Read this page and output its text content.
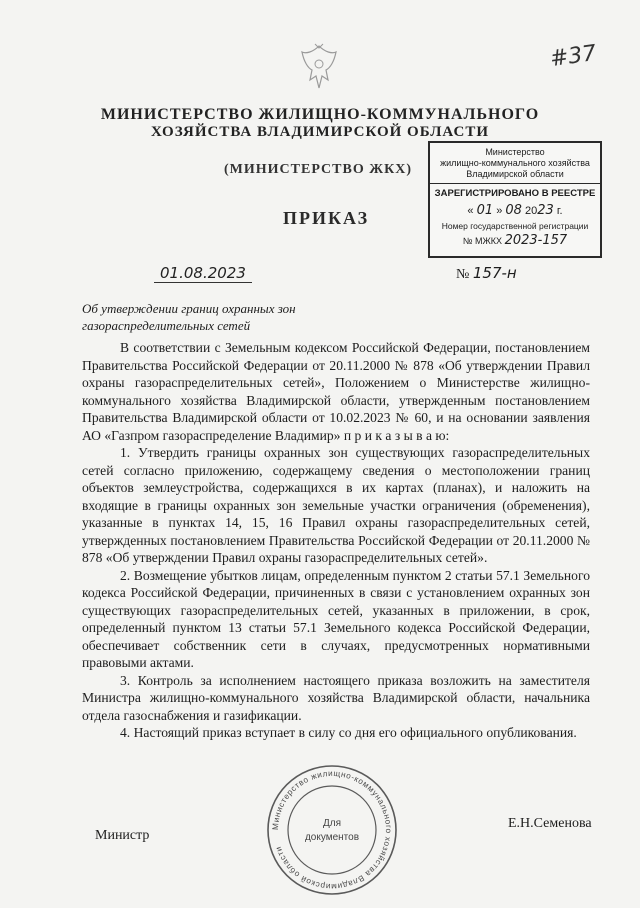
#37
МИНИСТЕРСТВО ЖИЛИЩНО-КОММУНАЛЬНОГО
ХОЗЯЙСТВА ВЛАДИМИРСКОЙ ОБЛАСТИ
(МИНИСТЕРСТВО ЖКХ)
Министерство
жилищно-коммунального хозяйства
Владимирской области
ЗАРЕГИСТРИРОВАНО В РЕЕСТРЕ
« 01 » 08 2023 г.
Номер государственной регистрации
№ МЖКХ 2023-157
ПРИКАЗ
01.08.2023	№ 157-н
Об утверждении границ охранных зон
газораспределительных сетей

В соответствии с Земельным кодексом Российской Федерации, постановлением Правительства Российской Федерации от 20.11.2000 № 878 «Об утверждении Правил охраны газораспределительных сетей», Положением о Министерстве жилищно-коммунального хозяйства Владимирской области, утвержденным постановлением Правительства Владимирской области от 10.02.2023 № 60, и на основании заявления АО «Газпром газораспределение Владимир» п р и к а з ы в а ю:

1. Утвердить границы охранных зон существующих газораспределительных сетей согласно приложению, содержащему сведения о местоположении границ объектов землеустройства, содержащихся в их картах (планах), и наложить на входящие в границы охранных зон земельные участки ограничения (обременения), указанные в пунктах 14, 15, 16 Правил охраны газораспределительных сетей, утвержденных постановлением Правительства Российской Федерации от 20.11.2000 № 878 «Об утверждении Правил охраны газораспределительных сетей».

2. Возмещение убытков лицам, определенным пунктом 2 статьи 57.1 Земельного кодекса Российской Федерации, причиненных в связи с установлением охранных зон существующих газораспределительных сетей, указанных в приложении, в срок, определенный пунктом 13 статьи 57.1 Земельного кодекса Российской Федерации, обеспечивает собственник сети в случаях, предусмотренных нормативными правовыми актами.

3. Контроль за исполнением настоящего приказа возложить на заместителя Министра жилищно-коммунального хозяйства Владимирской области, начальника отдела газоснабжения и газификации.

4. Настоящий приказ вступает в силу со дня его официального опубликования.

Министр
Е.Н.Семенова
Министерство жилищно-коммунального хозяйства Владимирской области
Для
документов
